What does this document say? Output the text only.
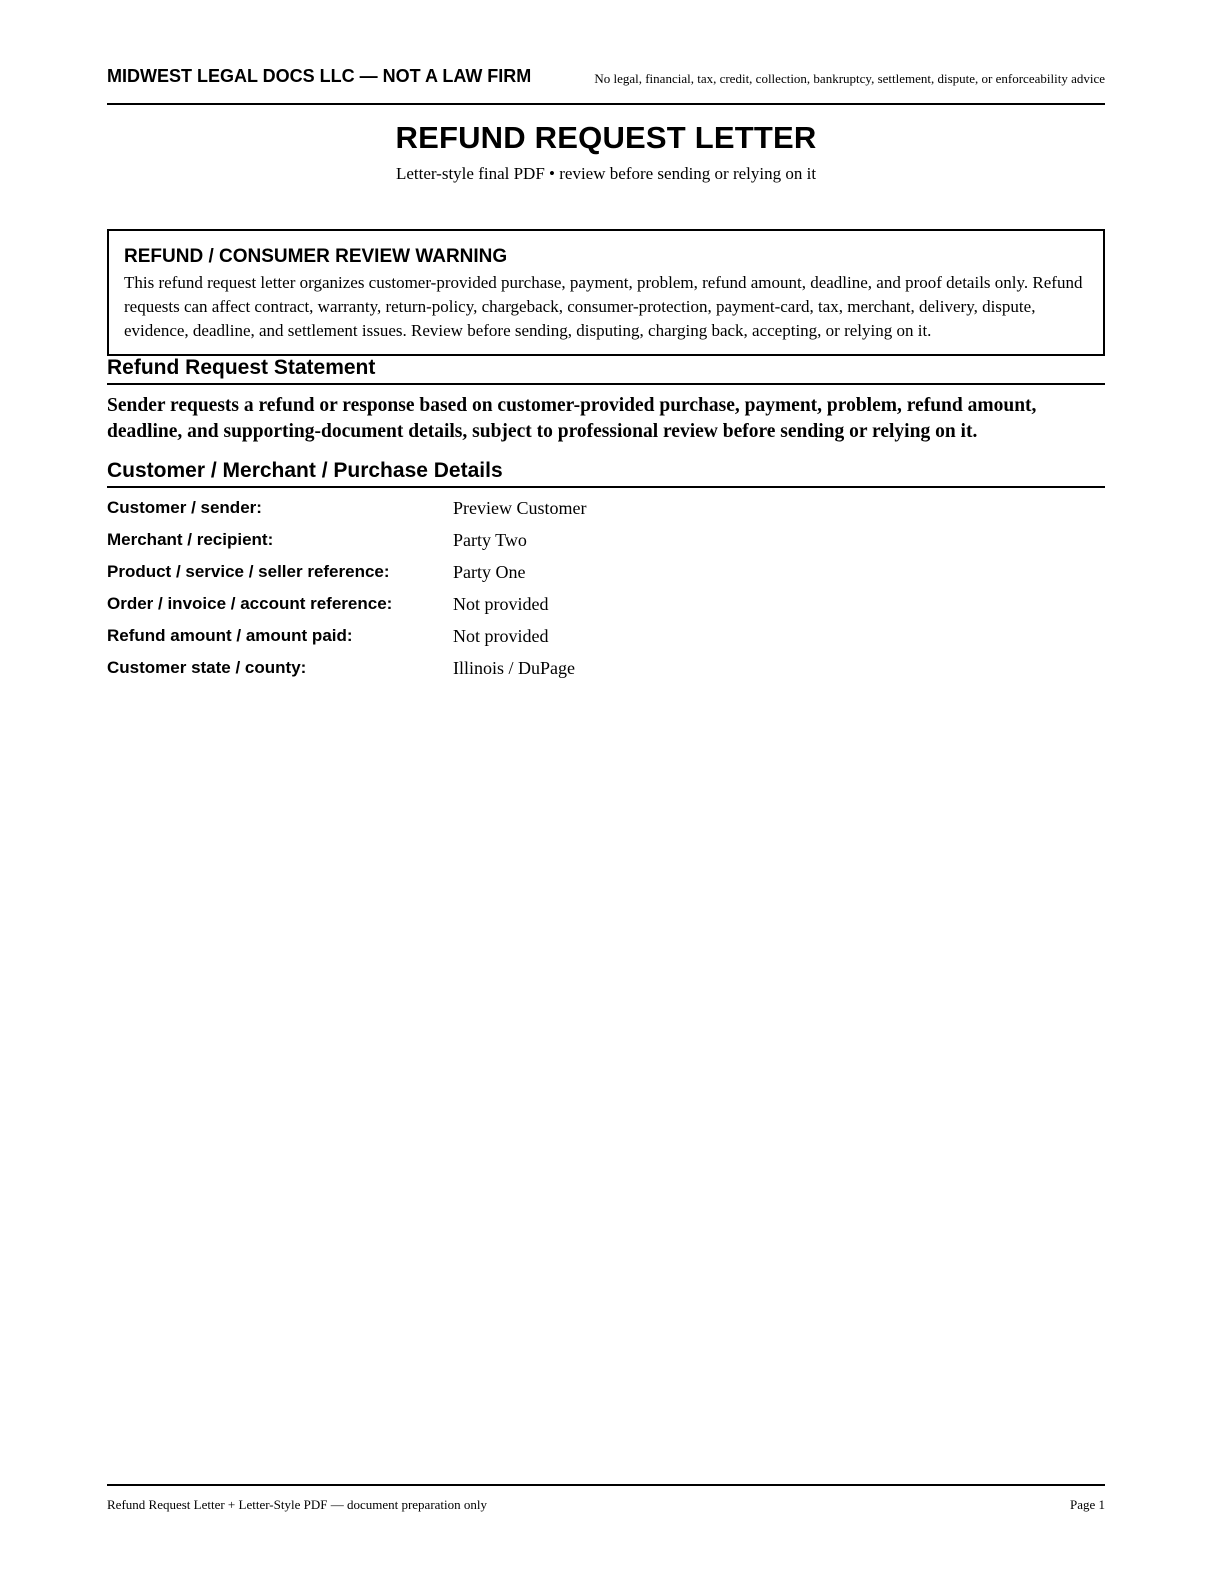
MIDWEST LEGAL DOCS LLC — NOT A LAW FIRM	No legal, financial, tax, credit, collection, bankruptcy, settlement, dispute, or enforceability advice
REFUND REQUEST LETTER
Letter-style final PDF • review before sending or relying on it
REFUND / CONSUMER REVIEW WARNING

This refund request letter organizes customer-provided purchase, payment, problem, refund amount, deadline, and proof details only. Refund requests can affect contract, warranty, return-policy, chargeback, consumer-protection, payment-card, tax, merchant, delivery, dispute, evidence, deadline, and settlement issues. Review before sending, disputing, charging back, accepting, or relying on it.

Refund Request Statement
Sender requests a refund or response based on customer-provided purchase, payment, problem, refund amount, deadline, and supporting-document details, subject to professional review before sending or relying on it.
Customer / Merchant / Purchase Details
Customer / sender:	Preview Customer
Merchant / recipient:	Party Two
Product / service / seller reference:	Party One
Order / invoice / account reference:	Not provided
Refund amount / amount paid:	Not provided
Customer state / county:	Illinois / DuPage
Refund Request Letter + Letter-Style PDF — document preparation only	Page 1
